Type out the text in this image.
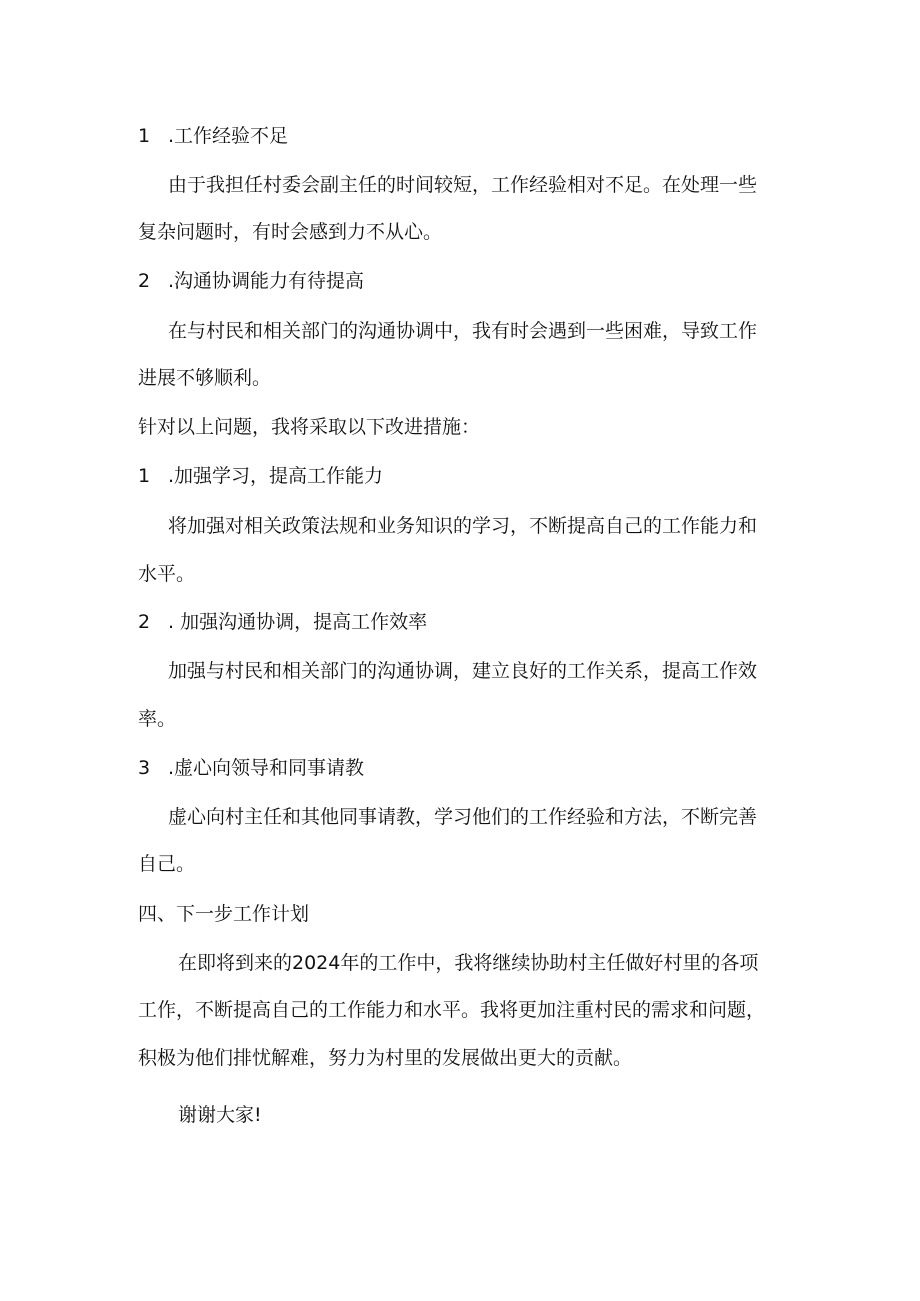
1 .工作经验不足
由于我担任村委会副主任的时间较短，工作经验相对不足。在处理一些
复杂问题时，有时会感到力不从心。
2 .沟通协调能力有待提高
在与村民和相关部门的沟通协调中，我有时会遇到一些困难，导致工作
进展不够顺利。
针对以上问题，我将采取以下改进措施：
1 .加强学习，提高工作能力
将加强对相关政策法规和业务知识的学习，不断提高自己的工作能力和
水平。
2 . 加强沟通协调，提高工作效率
加强与村民和相关部门的沟通协调，建立良好的工作关系，提高工作效
率。
3 .虚心向领导和同事请教
虚心向村主任和其他同事请教，学习他们的工作经验和方法，不断完善
自己。
四、下一步工作计划
在即将到来的2024年的工作中，我将继续协助村主任做好村里的各项
工作，不断提高自己的工作能力和水平。我将更加注重村民的需求和问题，
积极为他们排忧解难，努力为村里的发展做出更大的贡献。
谢谢大家!
